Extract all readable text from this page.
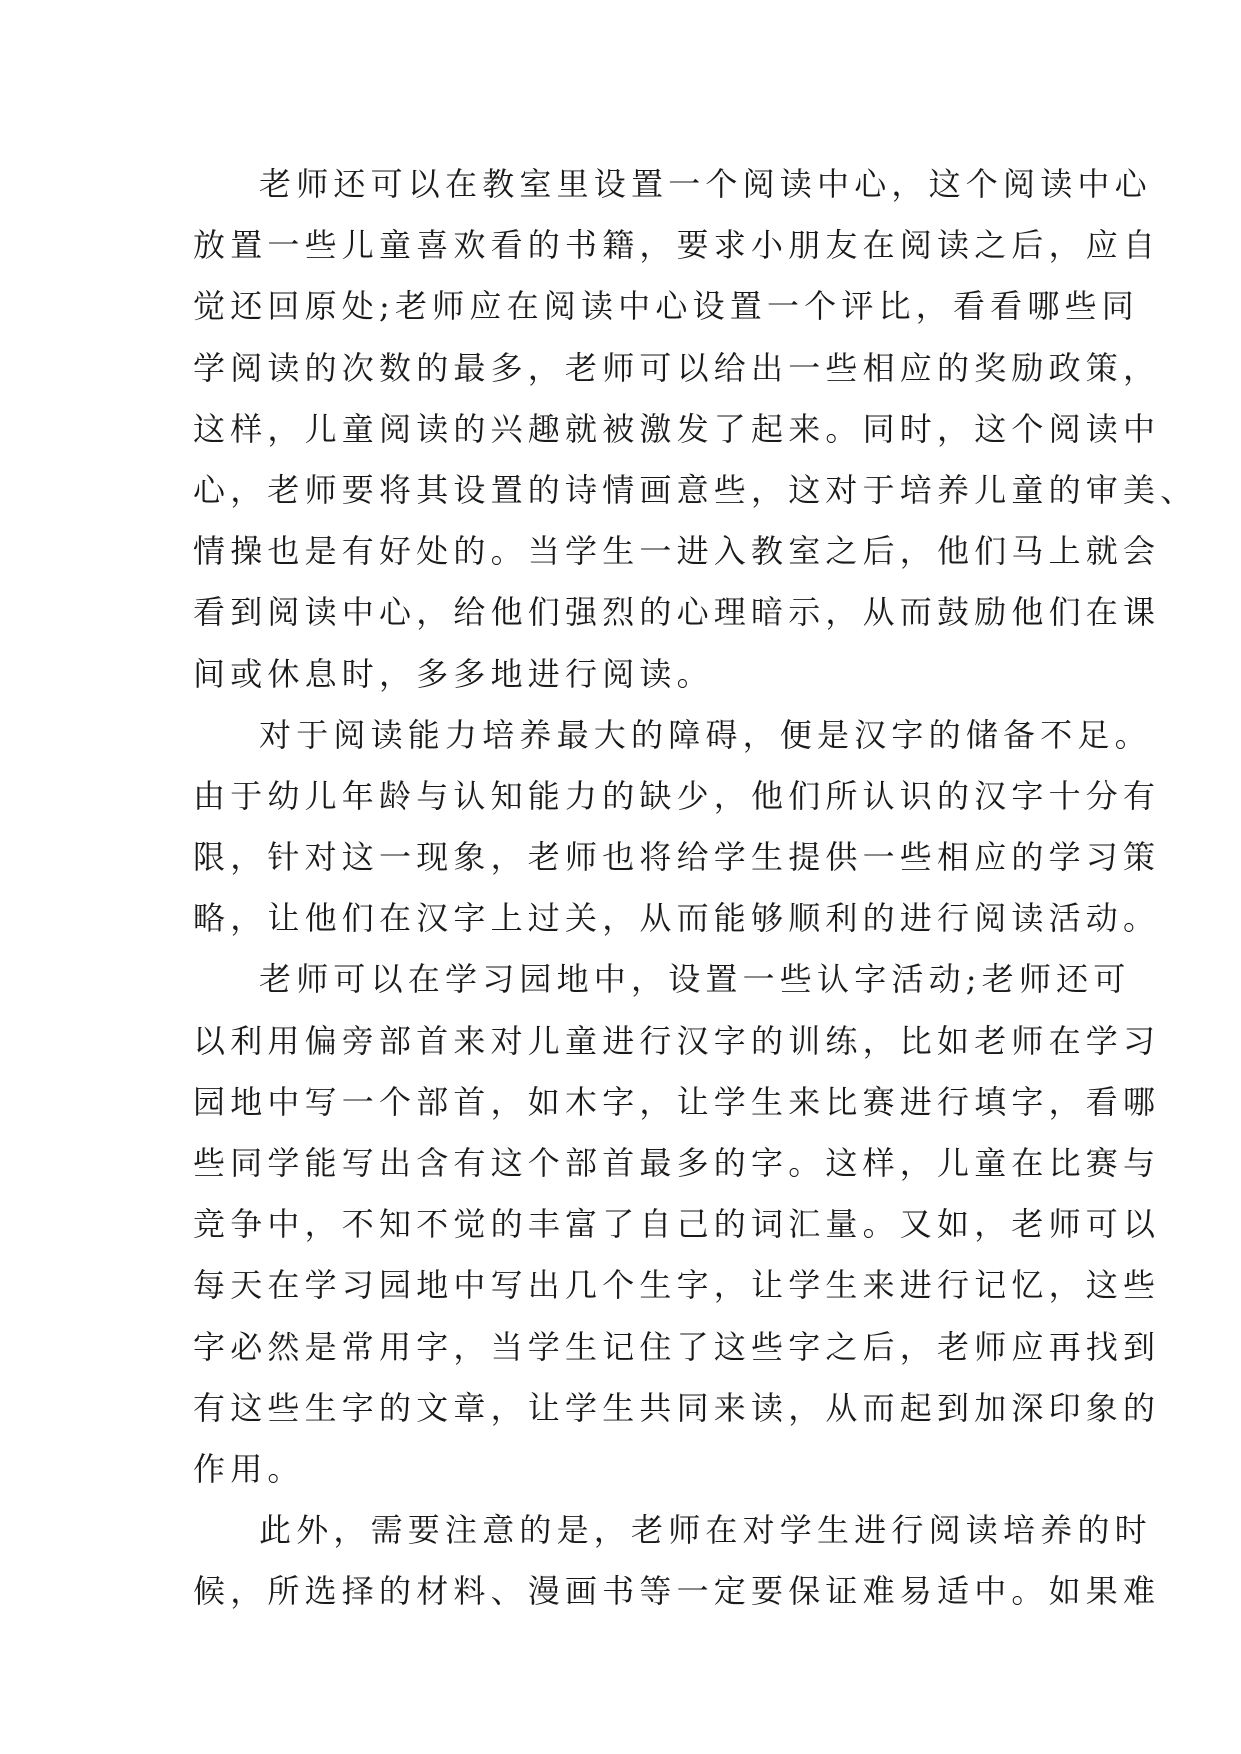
老师还可以在教室里设置一个阅读中心，这个阅读中心
放置一些儿童喜欢看的书籍，要求小朋友在阅读之后，应自
觉还回原处;老师应在阅读中心设置一个评比，看看哪些同
学阅读的次数的最多，老师可以给出一些相应的奖励政策，
这样，儿童阅读的兴趣就被激发了起来。同时，这个阅读中
心，老师要将其设置的诗情画意些，这对于培养儿童的审美、
情操也是有好处的。当学生一进入教室之后，他们马上就会
看到阅读中心，给他们强烈的心理暗示，从而鼓励他们在课
间或休息时，多多地进行阅读。
对于阅读能力培养最大的障碍，便是汉字的储备不足。
由于幼儿年龄与认知能力的缺少，他们所认识的汉字十分有
限，针对这一现象，老师也将给学生提供一些相应的学习策
略，让他们在汉字上过关，从而能够顺利的进行阅读活动。
老师可以在学习园地中，设置一些认字活动;老师还可
以利用偏旁部首来对儿童进行汉字的训练，比如老师在学习
园地中写一个部首，如木字，让学生来比赛进行填字，看哪
些同学能写出含有这个部首最多的字。这样，儿童在比赛与
竞争中，不知不觉的丰富了自己的词汇量。又如，老师可以
每天在学习园地中写出几个生字，让学生来进行记忆，这些
字必然是常用字，当学生记住了这些字之后，老师应再找到
有这些生字的文章，让学生共同来读，从而起到加深印象的
作用。
此外，需要注意的是，老师在对学生进行阅读培养的时
候，所选择的材料、漫画书等一定要保证难易适中。如果难
